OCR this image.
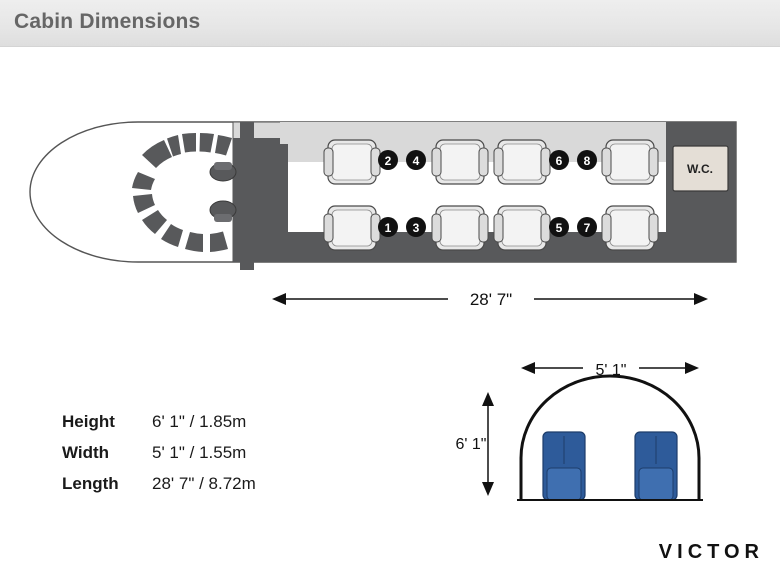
Cabin Dimensions
W.C.
2 4	6 8
1 3	5 7
28' 7"
5' 1"
6' 1"
Height	6' 1" / 1.85m
Width	5' 1" / 1.55m
Length	28' 7" / 8.72m
VICTOR
